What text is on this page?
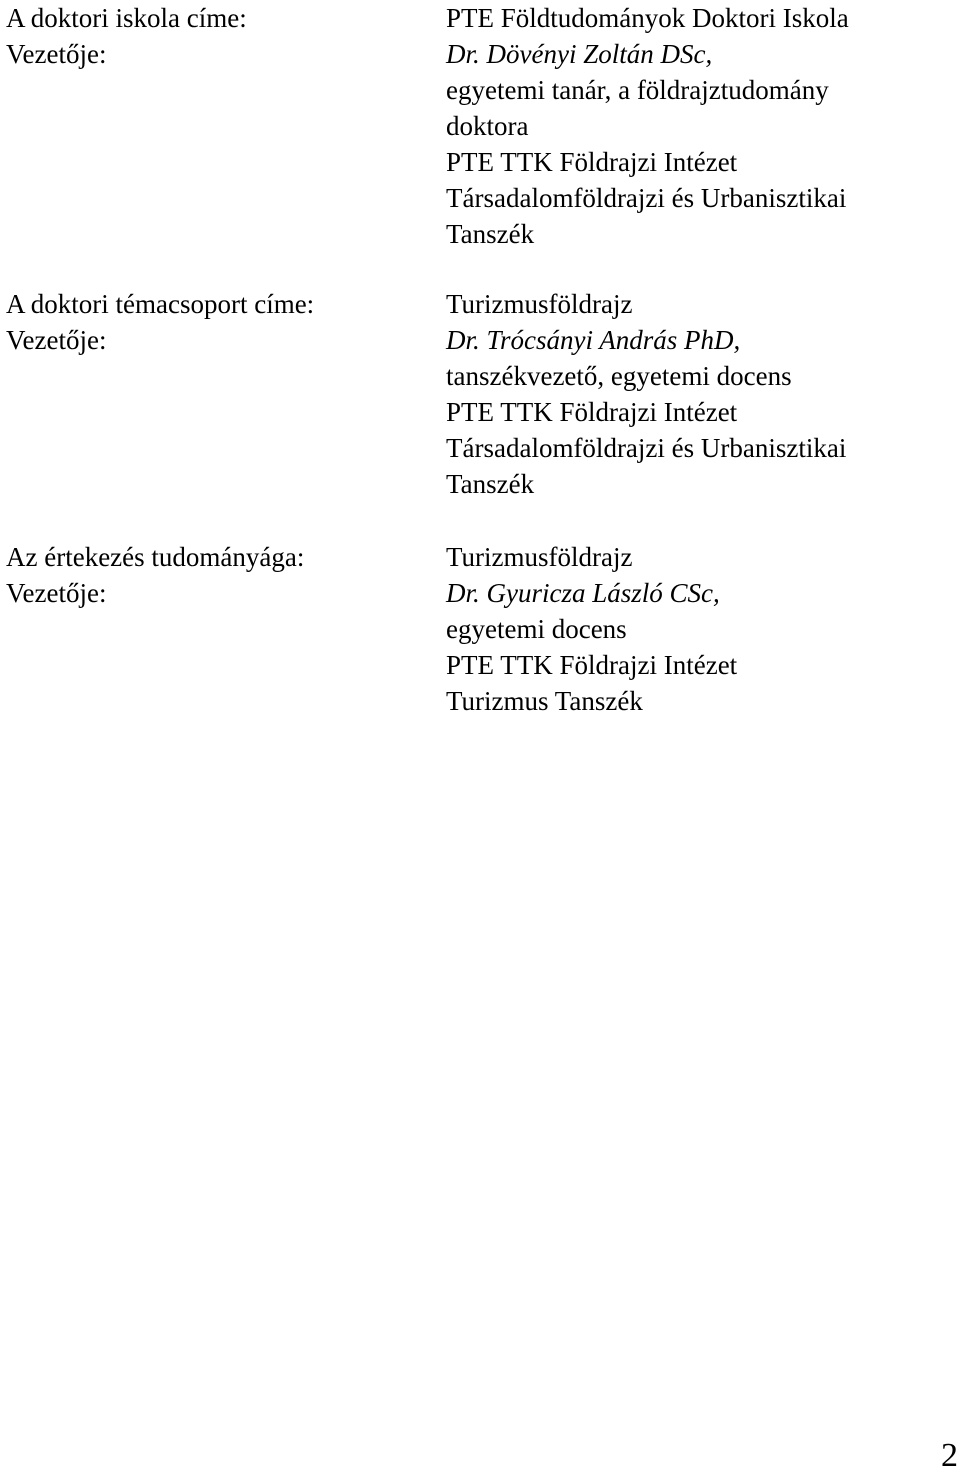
A doktori iskola címe:
Vezetője:
PTE Földtudományok Doktori Iskola
Dr. Dövényi Zoltán DSc,
egyetemi tanár, a földrajztudomány
doktora
PTE TTK Földrajzi Intézet
Társadalomföldrajzi és Urbanisztikai
Tanszék
A doktori témacsoport címe:
Vezetője:
Turizmusföldrajz
Dr. Trócsányi András PhD,
tanszékvezető, egyetemi docens
PTE TTK Földrajzi Intézet
Társadalomföldrajzi és Urbanisztikai
Tanszék
Az értekezés tudományága:
Vezetője:
Turizmusföldrajz
Dr. Gyuricza László CSc,
egyetemi docens
PTE TTK Földrajzi Intézet
Turizmus Tanszék
2
